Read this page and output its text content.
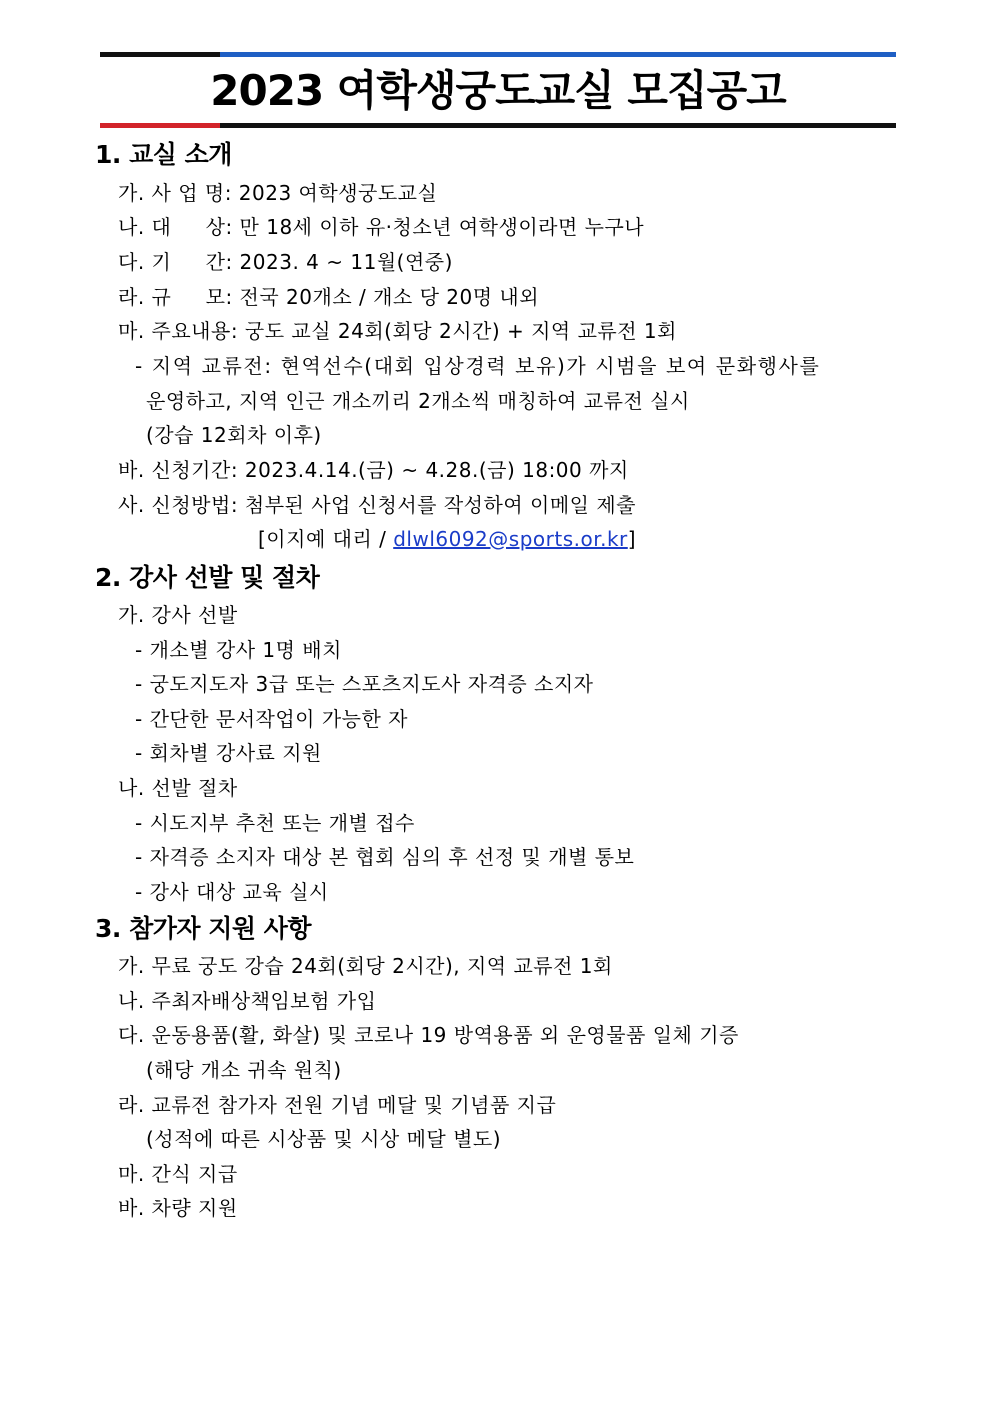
2023 여학생궁도교실 모집공고
1. 교실 소개
가. 사 업 명: 2023 여학생궁도교실
나. 대     상: 만 18세 이하 유·청소년 여학생이라면 누구나
다. 기     간: 2023. 4 ~ 11월(연중)
라. 규     모: 전국 20개소 / 개소 당 20명 내외
마. 주요내용: 궁도 교실 24회(회당 2시간) + 지역 교류전 1회
- 지역 교류전: 현역선수(대회 입상경력 보유)가 시범을 보여 문화행사를
운영하고, 지역 인근 개소끼리 2개소씩 매칭하여 교류전 실시
(강습 12회차 이후)
바. 신청기간: 2023.4.14.(금) ~ 4.28.(금) 18:00 까지
사. 신청방법: 첨부된 사업 신청서를 작성하여 이메일 제출
[이지예 대리 / dlwl6092@sports.or.kr]
2. 강사 선발 및 절차
가. 강사 선발
- 개소별 강사 1명 배치
- 궁도지도자 3급 또는 스포츠지도사 자격증 소지자
- 간단한 문서작업이 가능한 자
- 회차별 강사료 지원
나. 선발 절차
- 시도지부 추천 또는 개별 접수
- 자격증 소지자 대상 본 협회 심의 후 선정 및 개별 통보
- 강사 대상 교육 실시
3. 참가자 지원 사항
가. 무료 궁도 강습 24회(회당 2시간), 지역 교류전 1회
나. 주최자배상책임보험 가입
다. 운동용품(활, 화살) 및 코로나 19 방역용품 외 운영물품 일체 기증
(해당 개소 귀속 원칙)
라. 교류전 참가자 전원 기념 메달 및 기념품 지급
(성적에 따른 시상품 및 시상 메달 별도)
마. 간식 지급
바. 차량 지원
